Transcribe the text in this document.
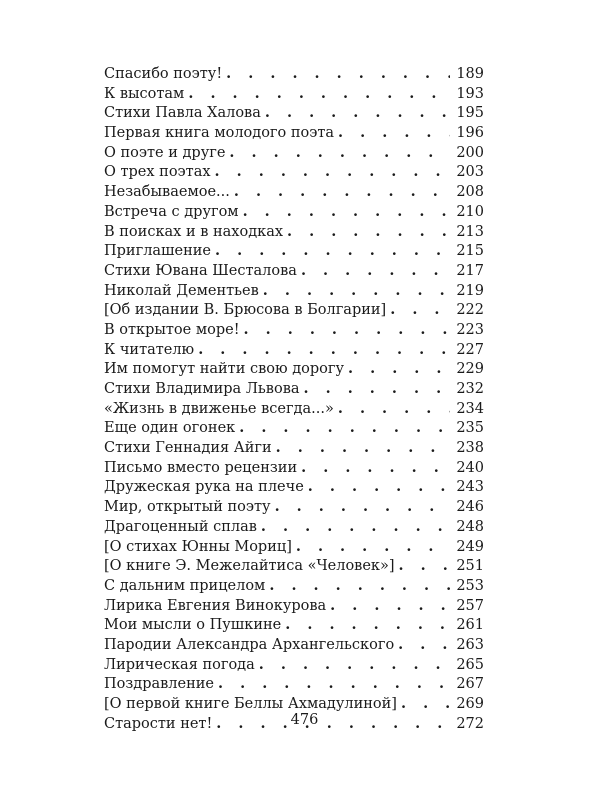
Спасибо поэту! . . .	189
К высотам . . .	193
Стихи Павла Халова . . .	195
Первая книга молодого поэта . . .	196
О поэте и друге . . .	200
О трех поэтах . . .	203
Незабываемое... . . .	208
Встреча с другом . . .	210
В поисках и в находках . . .	213
Приглашение . . .	215
Стихи Ювана Шесталова . . .	217
Николай Дементьев . . .	219
[Об издании В. Брюсова в Болгарии] . . .	222
В открытое море! . . .	223
К читателю . . .	227
Им помогут найти свою дорогу . . .	229
Стихи Владимира Львова . . .	232
«Жизнь в движенье всегда...» . . .	234
Еще один огонек . . .	235
Стихи Геннадия Айги . . .	238
Письмо вместо рецензии . . .	240
Дружеская рука на плече . . .	243
Мир, открытый поэту . . .	246
Драгоценный сплав . . .	248
[О стихах Юнны Мориц] . . .	249
[О книге Э. Межелайтиса «Человек»] . . .	251
С дальним прицелом . . .	253
Лирика Евгения Винокурова . . .	257
Мои мысли о Пушкине . . .	261
Пародии Александра Архангельского . . .	263
Лирическая погода . . .	265
Поздравление . . .	267
[О первой книге Беллы Ахмадулиной] . . .	269
Старости нет! . . .	272
476
